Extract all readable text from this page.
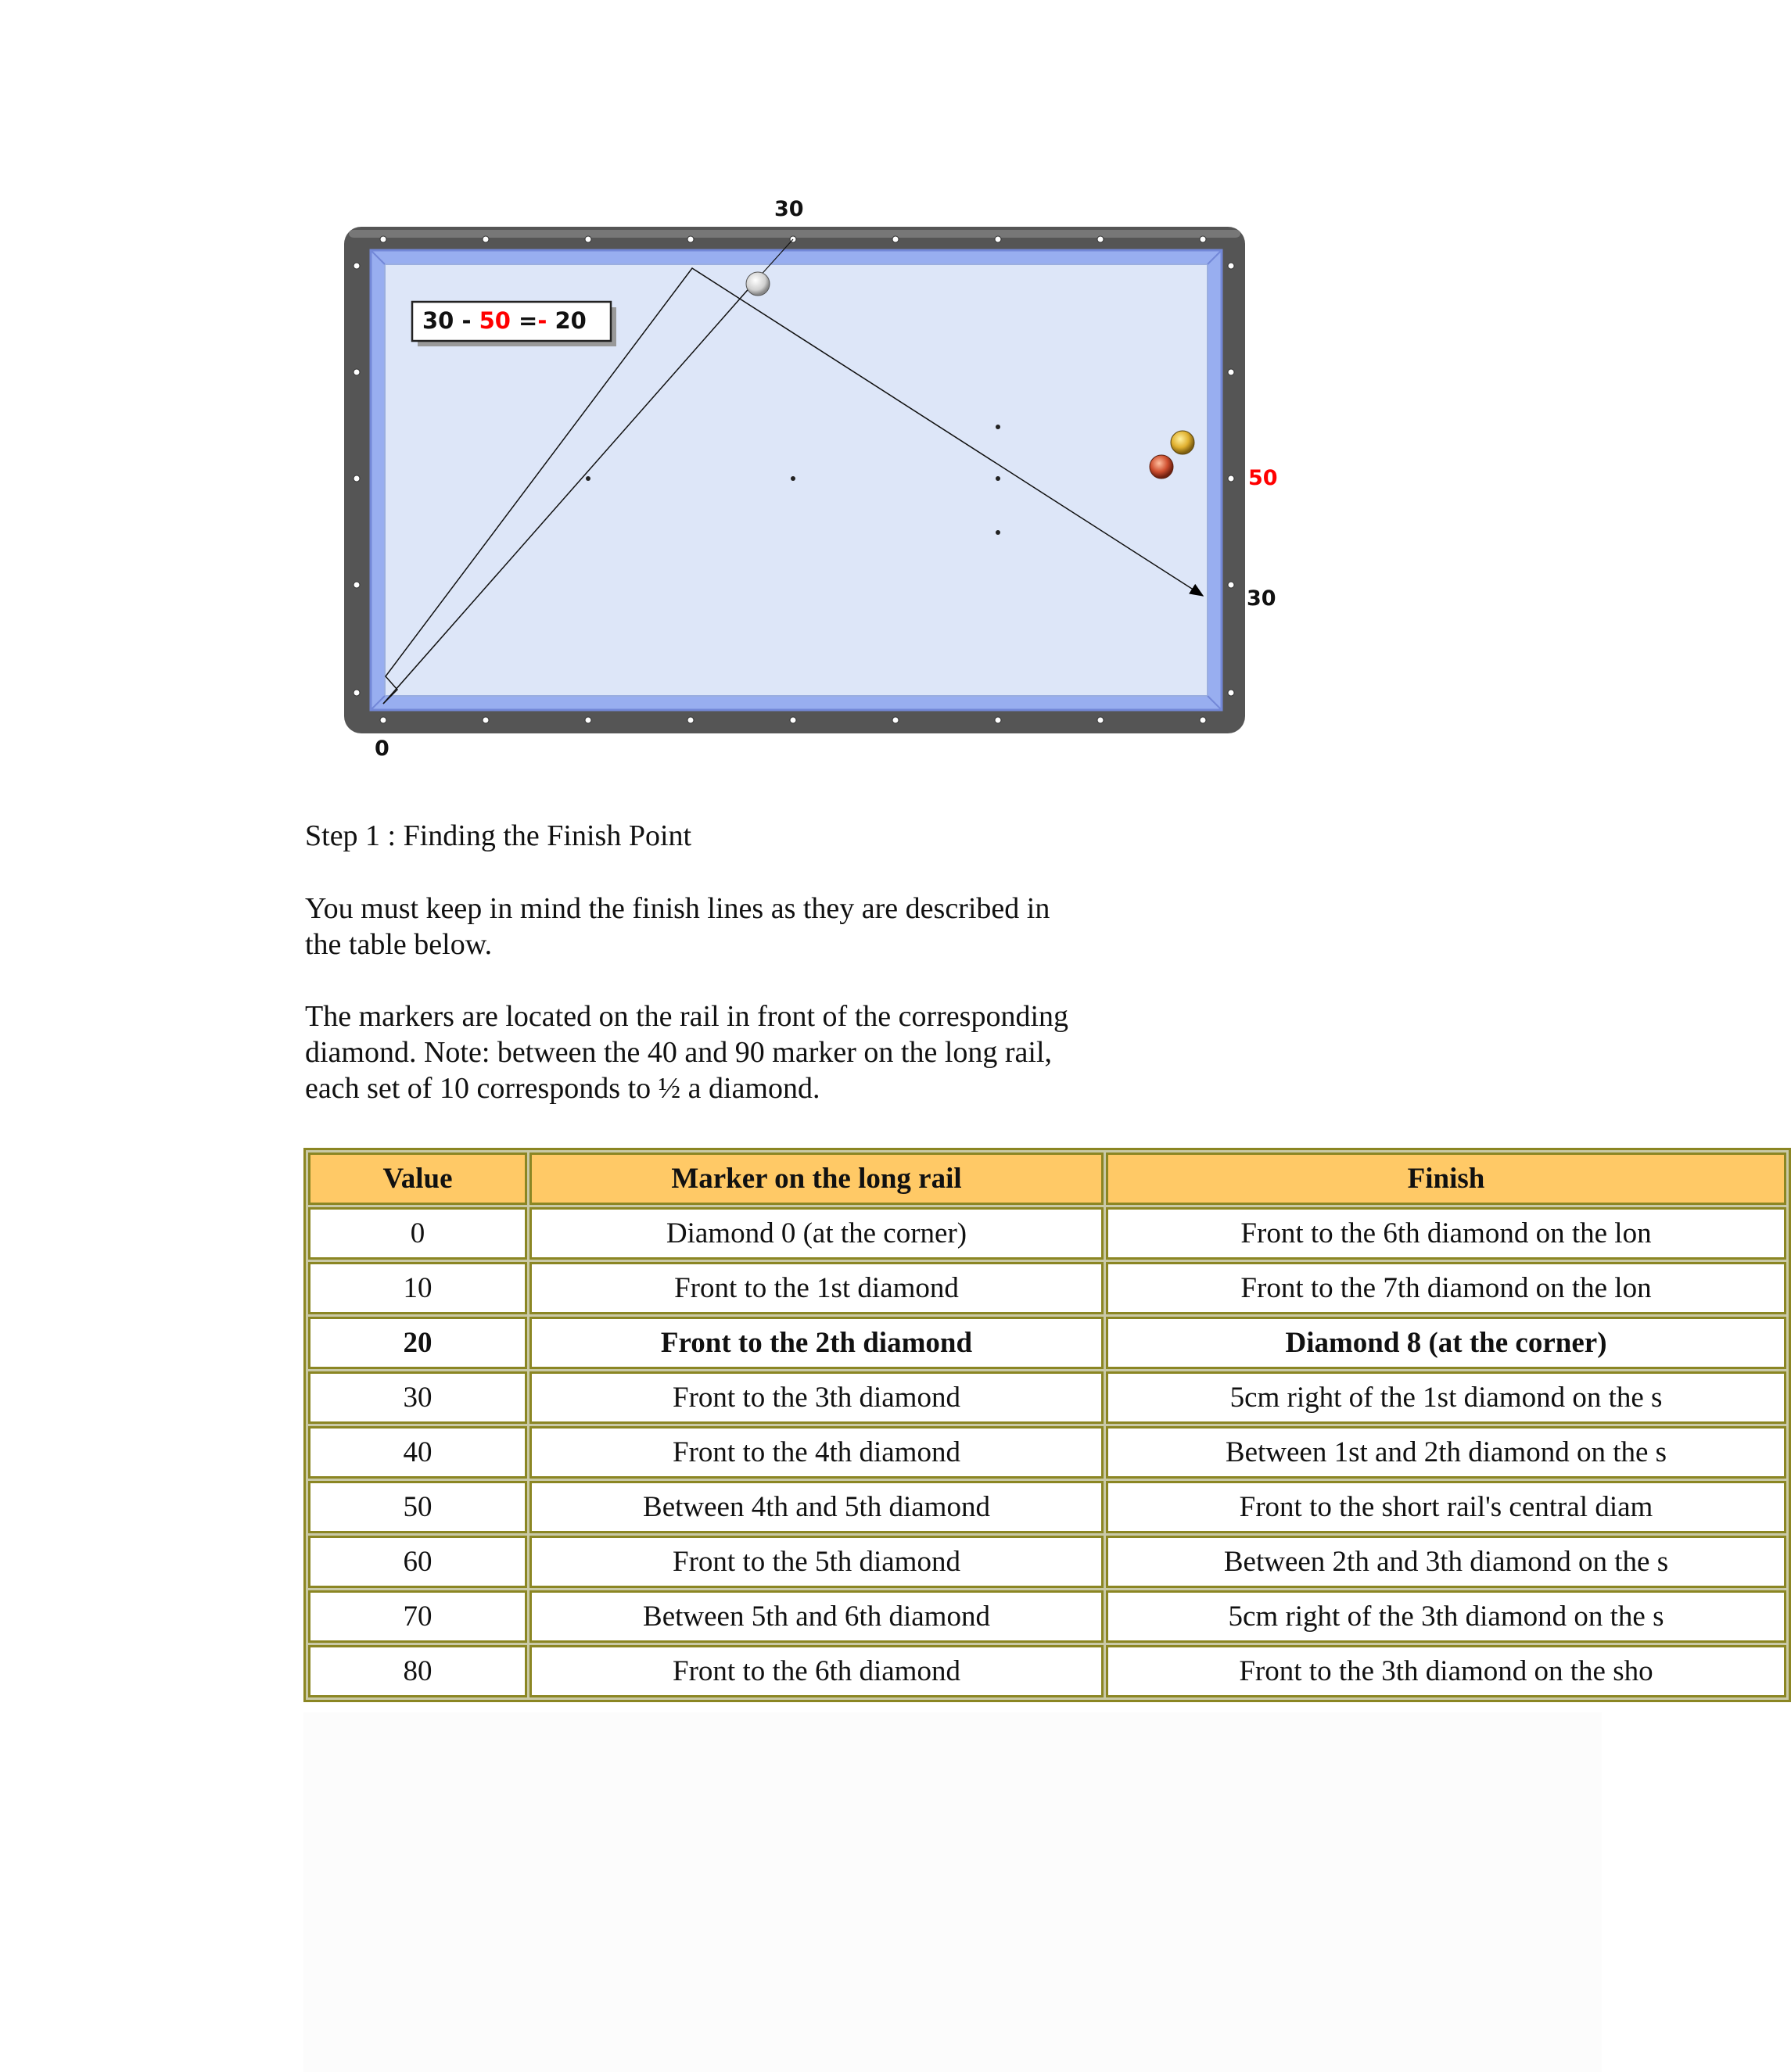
30 - 50 =- 20
30
50
30
0
Step 1 : Finding the Finish Point
You must keep in mind the finish lines as they are described in
the table below.
The markers are located on the rail in front of the corresponding
diamond. Note: between the 40 and 90 marker on the long rail,
each set of 10 corresponds to ½ a diamond.
Value	Marker on the long rail	Finish
0	Diamond 0 (at the corner)	Front to the 6th diamond on the lon
10	Front to the 1st diamond	Front to the 7th diamond on the lon
20	Front to the 2th diamond	Diamond 8 (at the corner)
30	Front to the 3th diamond	5cm right of the 1st diamond on the s
40	Front to the 4th diamond	Between 1st and 2th diamond on the s
50	Between 4th and 5th diamond	Front to the short rail's central diam
60	Front to the 5th diamond	Between 2th and 3th diamond on the s
70	Between 5th and 6th diamond	5cm right of the 3th diamond on the s
80	Front to the 6th diamond	Front to the 3th diamond on the sho
